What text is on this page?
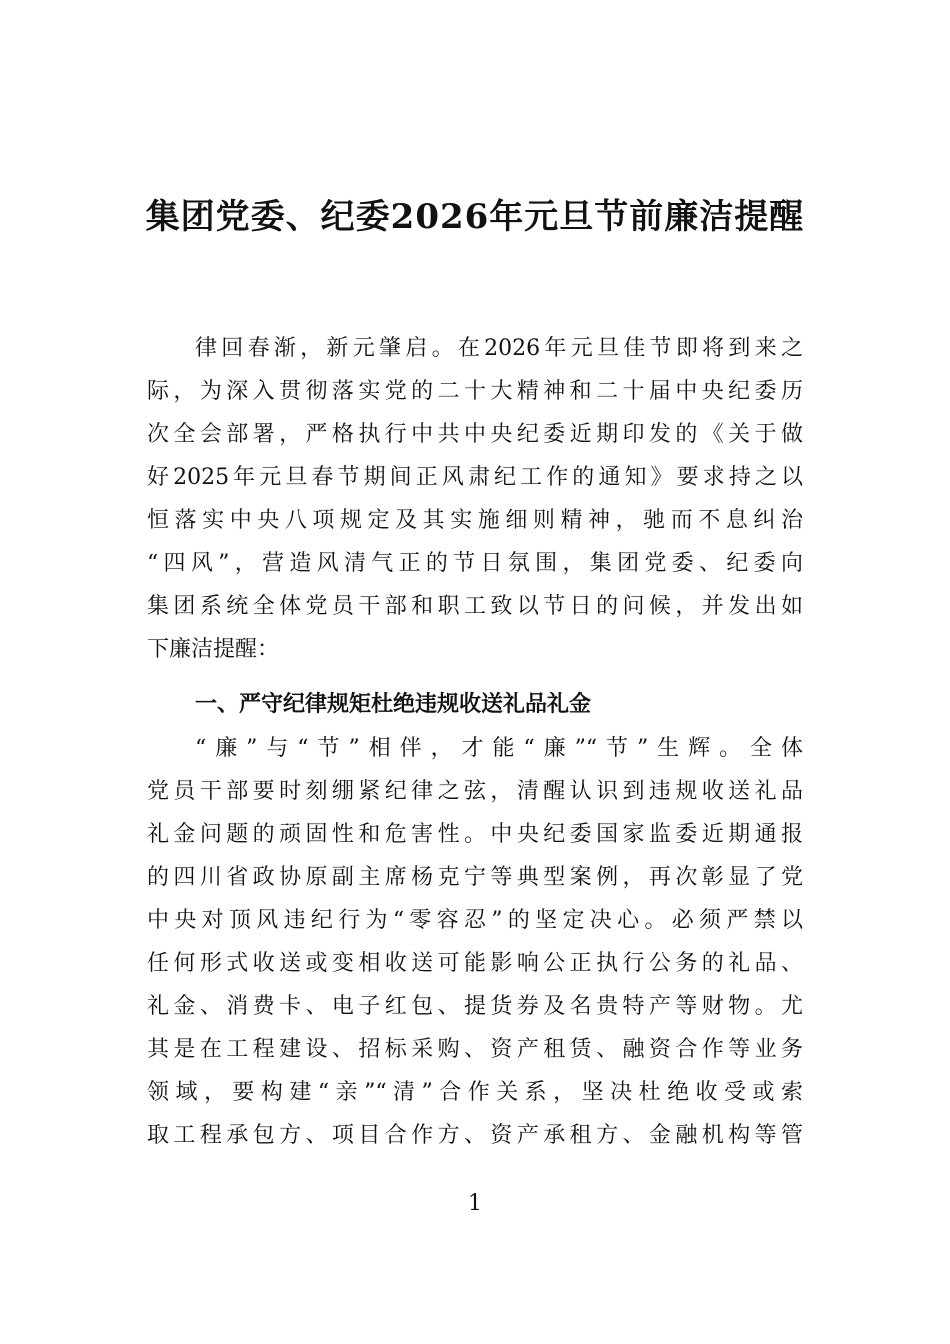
集团党委、纪委2026年元旦节前廉洁提醒

律回春渐，新元肇启。在2026年元旦佳节即将到来之

际，为深入贯彻落实党的二十大精神和二十届中央纪委历

次全会部署，严格执行中共中央纪委近期印发的《关于做

好2025年元旦春节期间正风肃纪工作的通知》要求持之以

恒落实中央八项规定及其实施细则精神，驰而不息纠治

“四风”，营造风清气正的节日氛围，集团党委、纪委向

集团系统全体党员干部和职工致以节日的问候，并发出如

下廉洁提醒：

一、严守纪律规矩杜绝违规收送礼品礼金

“廉”与“节”相伴，才能“廉”“节”生辉。全体

党员干部要时刻绷紧纪律之弦，清醒认识到违规收送礼品

礼金问题的顽固性和危害性。中央纪委国家监委近期通报

的四川省政协原副主席杨克宁等典型案例，再次彰显了党

中央对顶风违纪行为“零容忍”的坚定决心。必须严禁以

任何形式收送或变相收送可能影响公正执行公务的礼品、

礼金、消费卡、电子红包、提货券及名贵特产等财物。尤

其是在工程建设、招标采购、资产租赁、融资合作等业务

领域，要构建“亲”“清”合作关系，坚决杜绝收受或索

取工程承包方、项目合作方、资产承租方、金融机构等管

1
